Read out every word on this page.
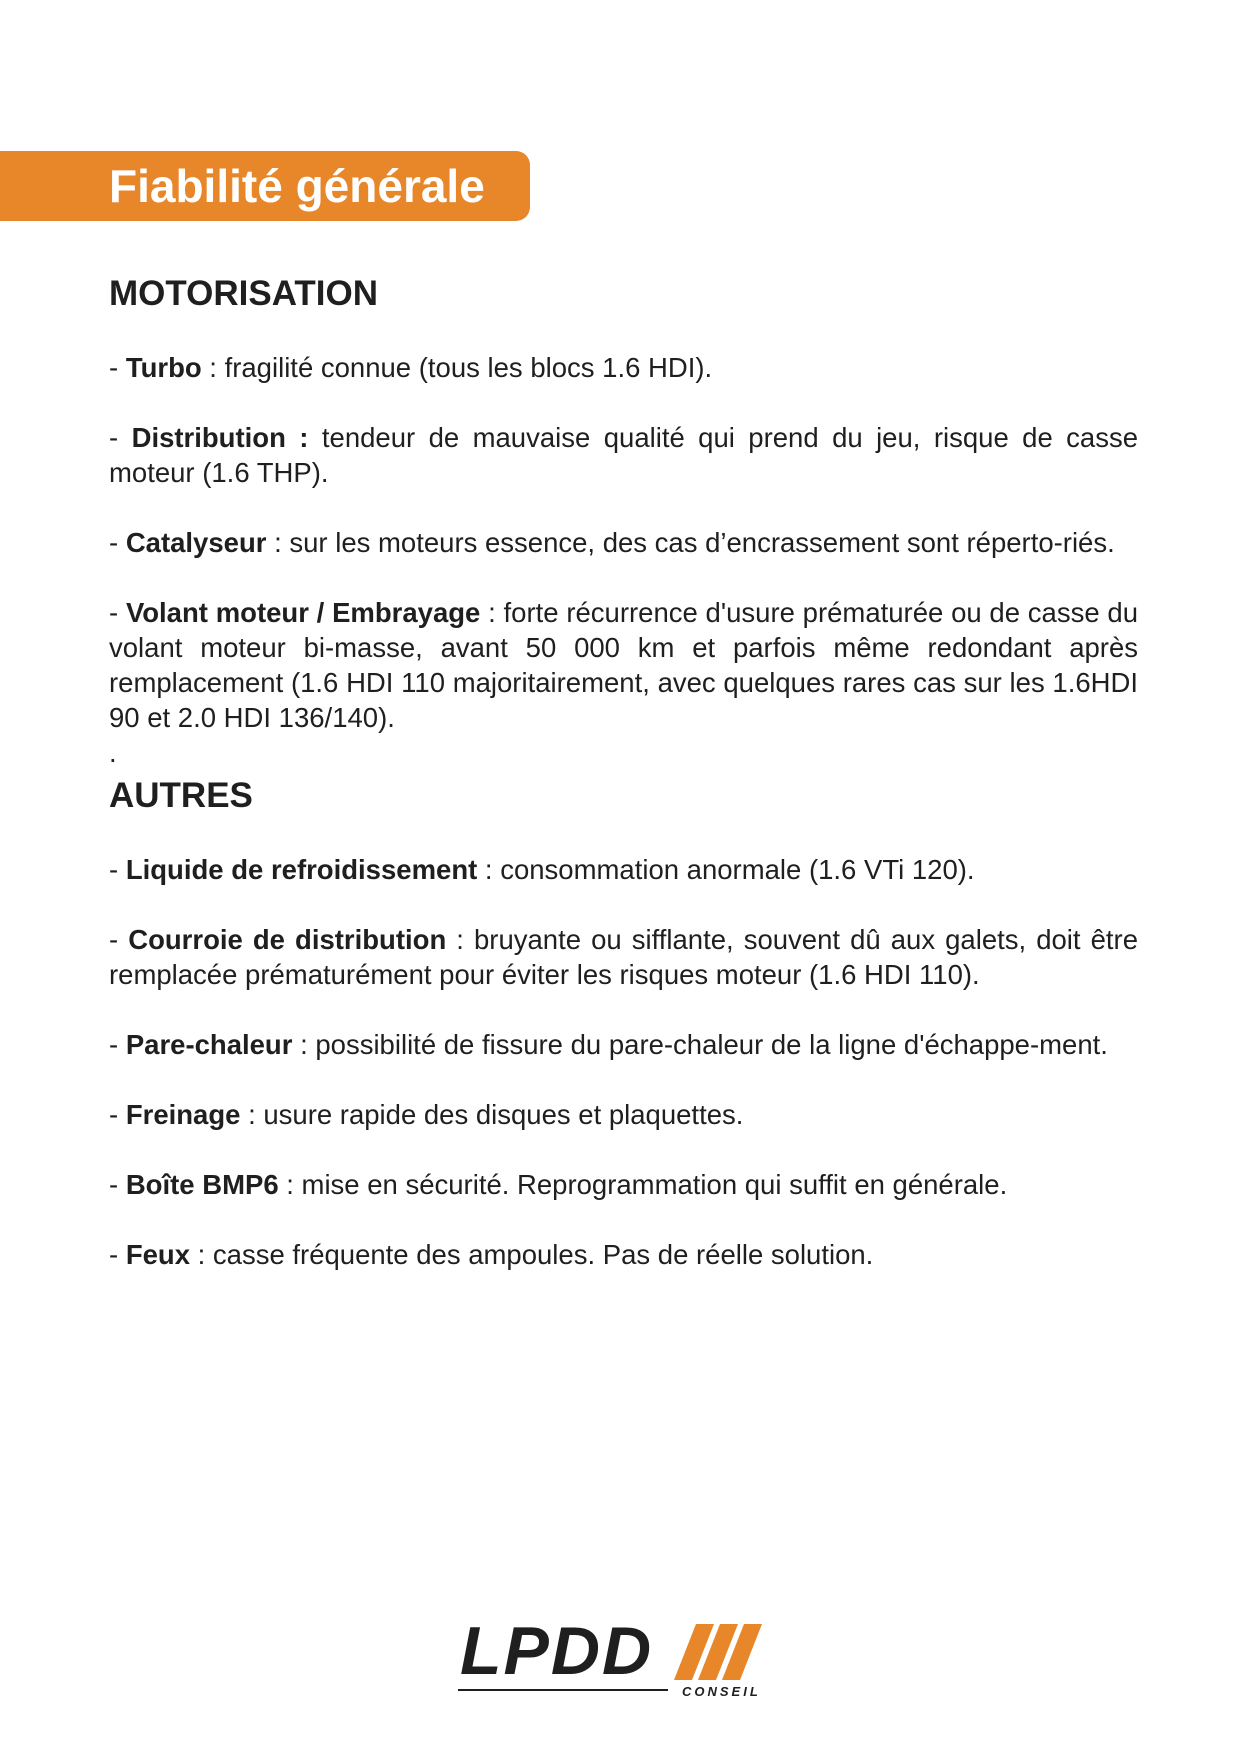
Fiabilité générale
MOTORISATION

- Turbo : fragilité connue (tous les blocs 1.6 HDI).

- Distribution : tendeur de mauvaise qualité qui prend du jeu, risque de casse moteur (1.6 THP).

- Catalyseur : sur les moteurs essence, des cas d’encrassement sont réperto-riés.

- Volant moteur / Embrayage : forte récurrence d'usure prématurée ou de casse du volant moteur bi-masse, avant 50 000 km et parfois même redondant après remplacement (1.6 HDI 110 majoritairement, avec quelques rares cas sur les 1.6HDI 90 et 2.0 HDI 136/140).

.
AUTRES

- Liquide de refroidissement : consommation anormale (1.6 VTi 120).

- Courroie de distribution : bruyante ou sifflante, souvent dû aux galets, doit être remplacée prématurément pour éviter les risques moteur (1.6 HDI 110).

- Pare-chaleur : possibilité de fissure du pare-chaleur de la ligne d'échappe-ment.

- Freinage : usure rapide des disques et plaquettes.

- Boîte BMP6 : mise en sécurité. Reprogrammation qui suffit en générale.

- Feux : casse fréquente des ampoules. Pas de réelle solution.

LPDD
CONSEIL
